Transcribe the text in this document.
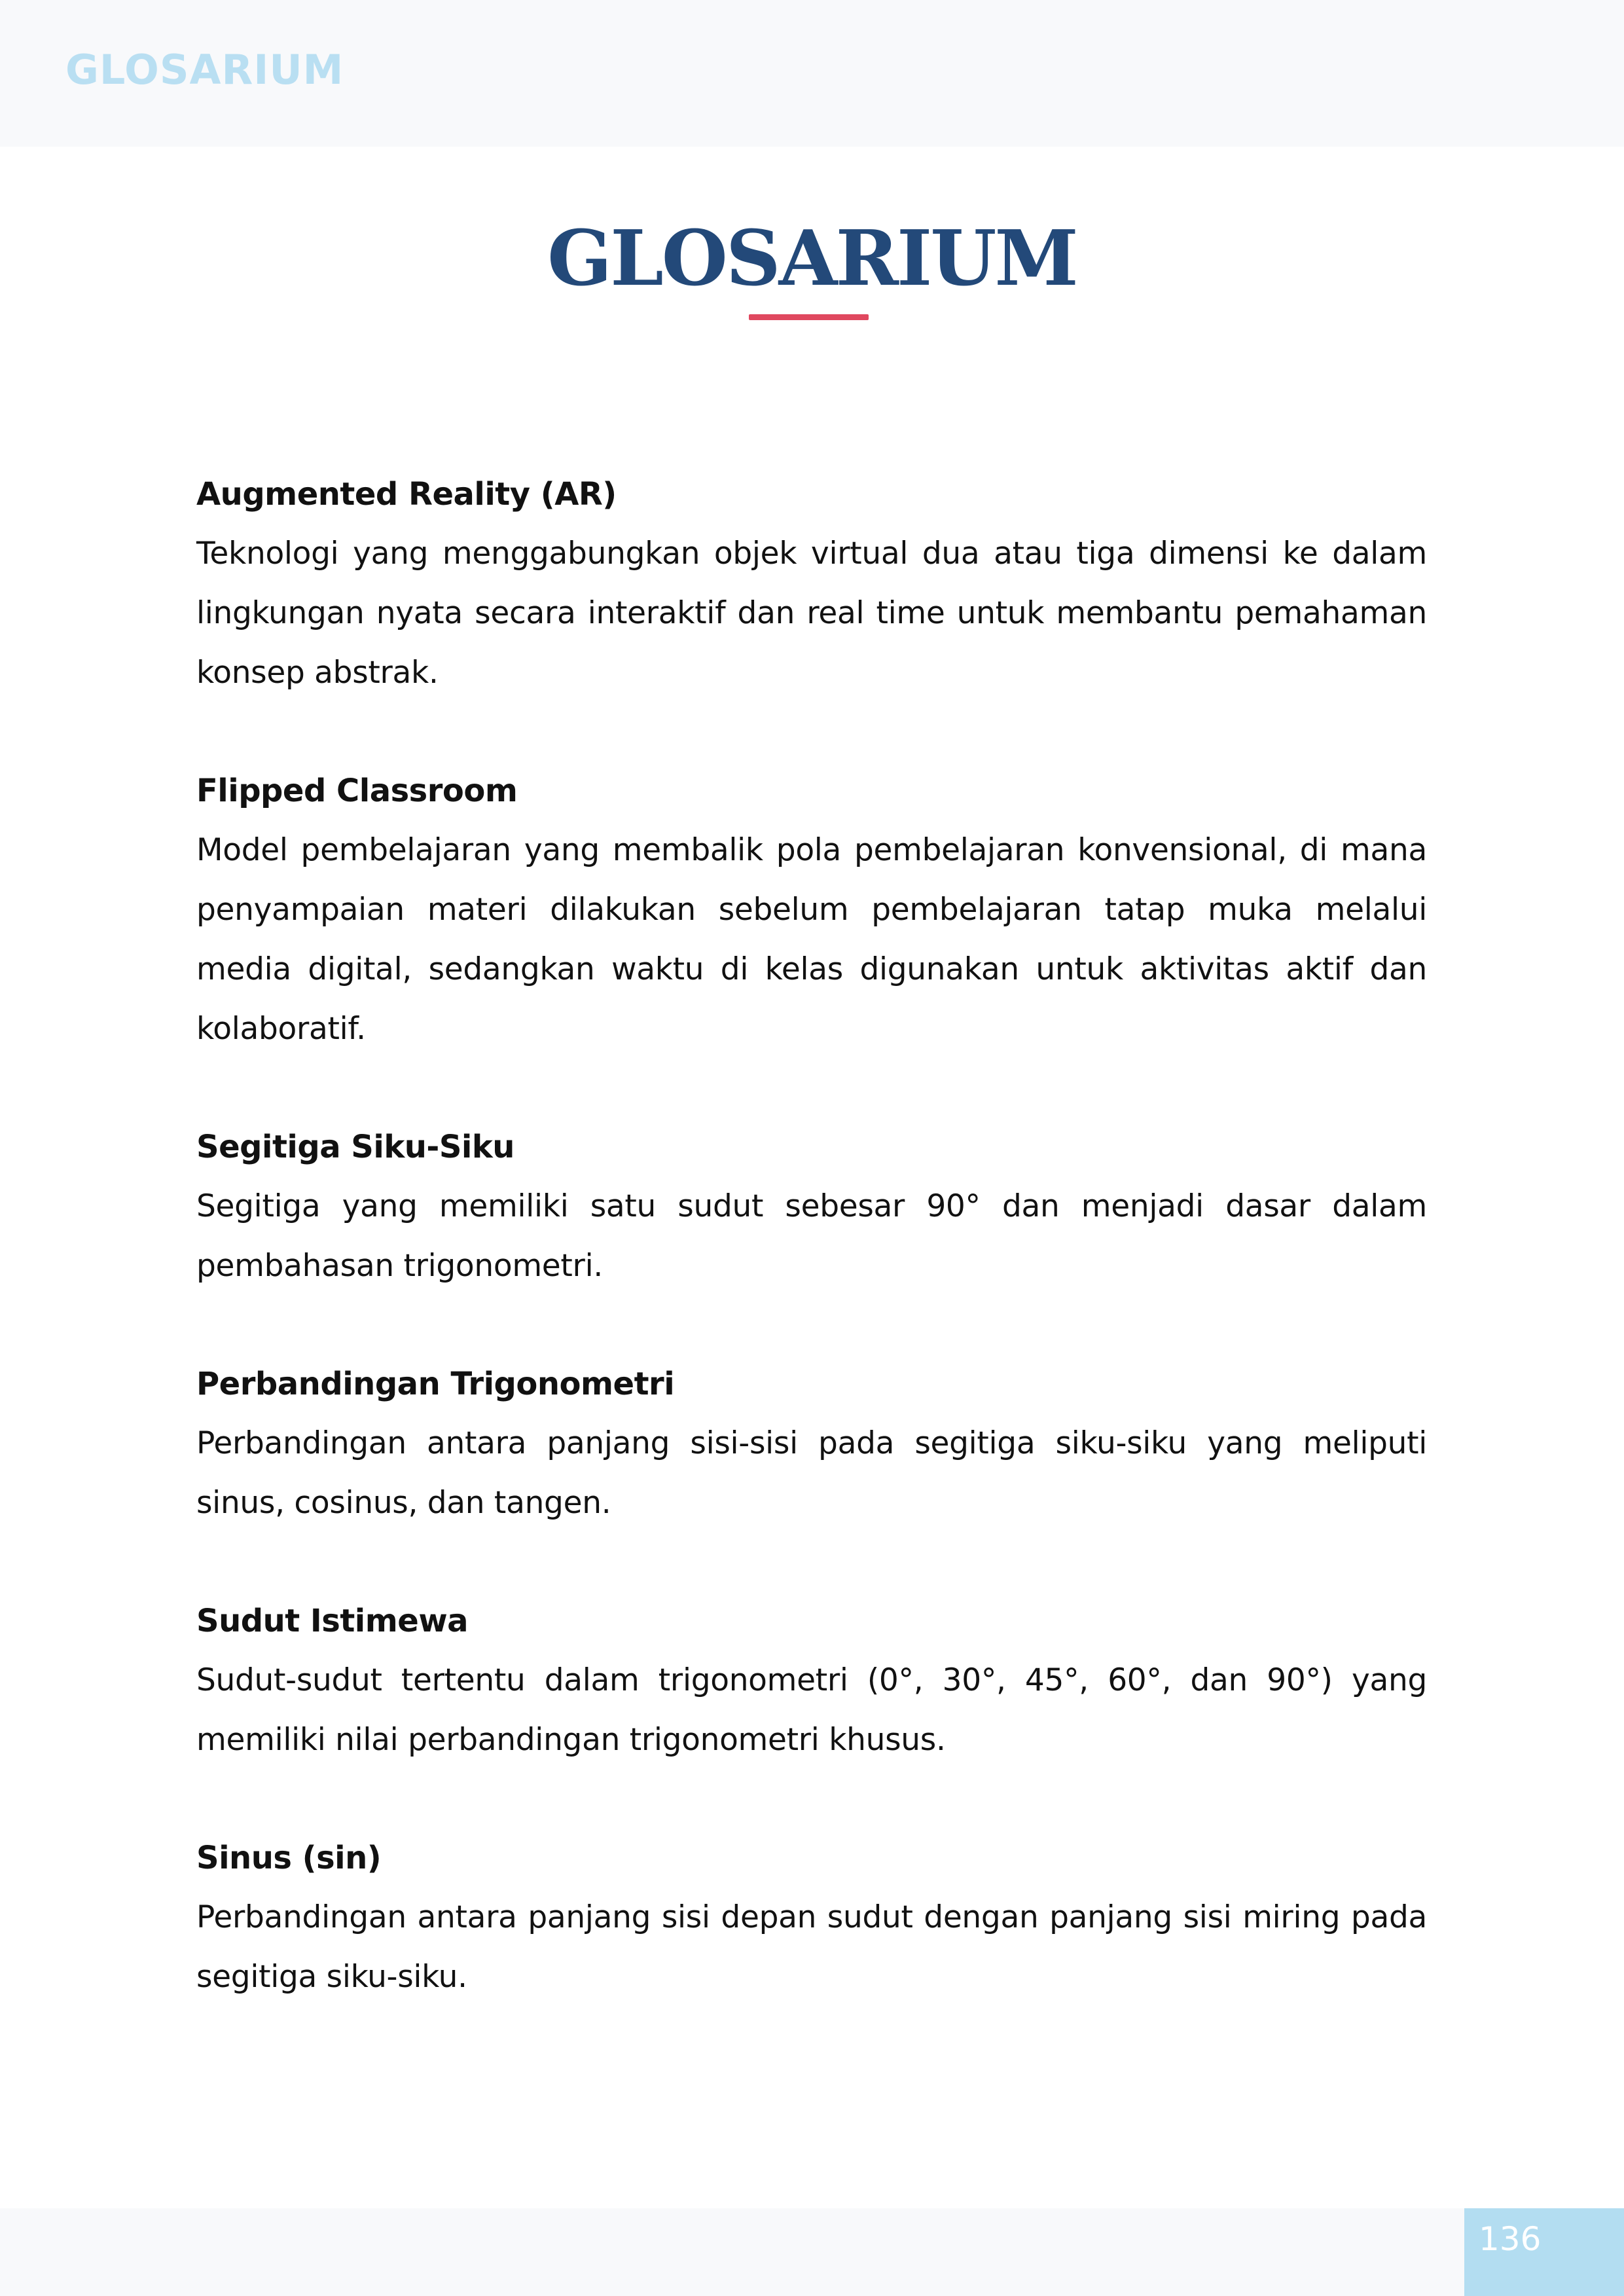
GLOSARIUM
GLOSARIUM
Augmented Reality (AR)
Teknologi yang menggabungkan objek virtual dua atau tiga dimensi ke dalam lingkungan nyata secara interaktif dan real time untuk membantu pemahaman konsep abstrak.
Flipped Classroom
Model pembelajaran yang membalik pola pembelajaran konvensional, di mana penyampaian materi dilakukan sebelum pembelajaran tatap muka melalui media digital, sedangkan waktu di kelas digunakan untuk aktivitas aktif dan kolaboratif.
Segitiga Siku-Siku
Segitiga yang memiliki satu sudut sebesar 90° dan menjadi dasar dalam pembahasan trigonometri.
Perbandingan Trigonometri
Perbandingan antara panjang sisi-sisi pada segitiga siku-siku yang meliputi sinus, cosinus, dan tangen.
Sudut Istimewa
Sudut-sudut tertentu dalam trigonometri (0°, 30°, 45°, 60°, dan 90°) yang memiliki nilai perbandingan trigonometri khusus.
Sinus (sin)
Perbandingan antara panjang sisi depan sudut dengan panjang sisi miring pada segitiga siku-siku.
136
